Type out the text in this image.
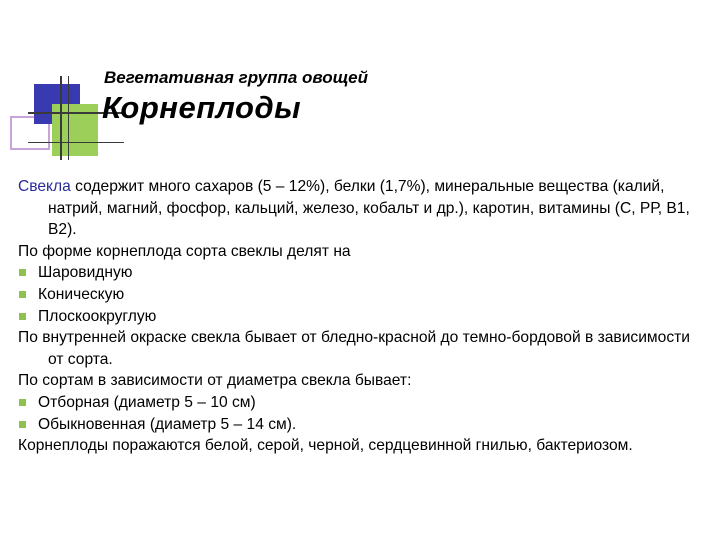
Вегетативная группа овощей
Корнеплоды

Свекла содержит много сахаров (5 – 12%), белки (1,7%), минеральные вещества (калий, натрий, магний, фосфор, кальций, железо, кобальт и др.), каротин, витамины (С, РР, В1, В2).

По форме корнеплода сорта свеклы делят на

Шаровидную
Коническую
Плоскоокруглую

По внутренней окраске свекла бывает от бледно-красной до темно-бордовой в зависимости от сорта.

По сортам в зависимости от диаметра свекла бывает:

Отборная (диаметр 5 – 10 см)
Обыкновенная (диаметр 5 – 14 см).

Корнеплоды поражаются белой, серой, черной, сердцевинной гнилью, бактериозом.
